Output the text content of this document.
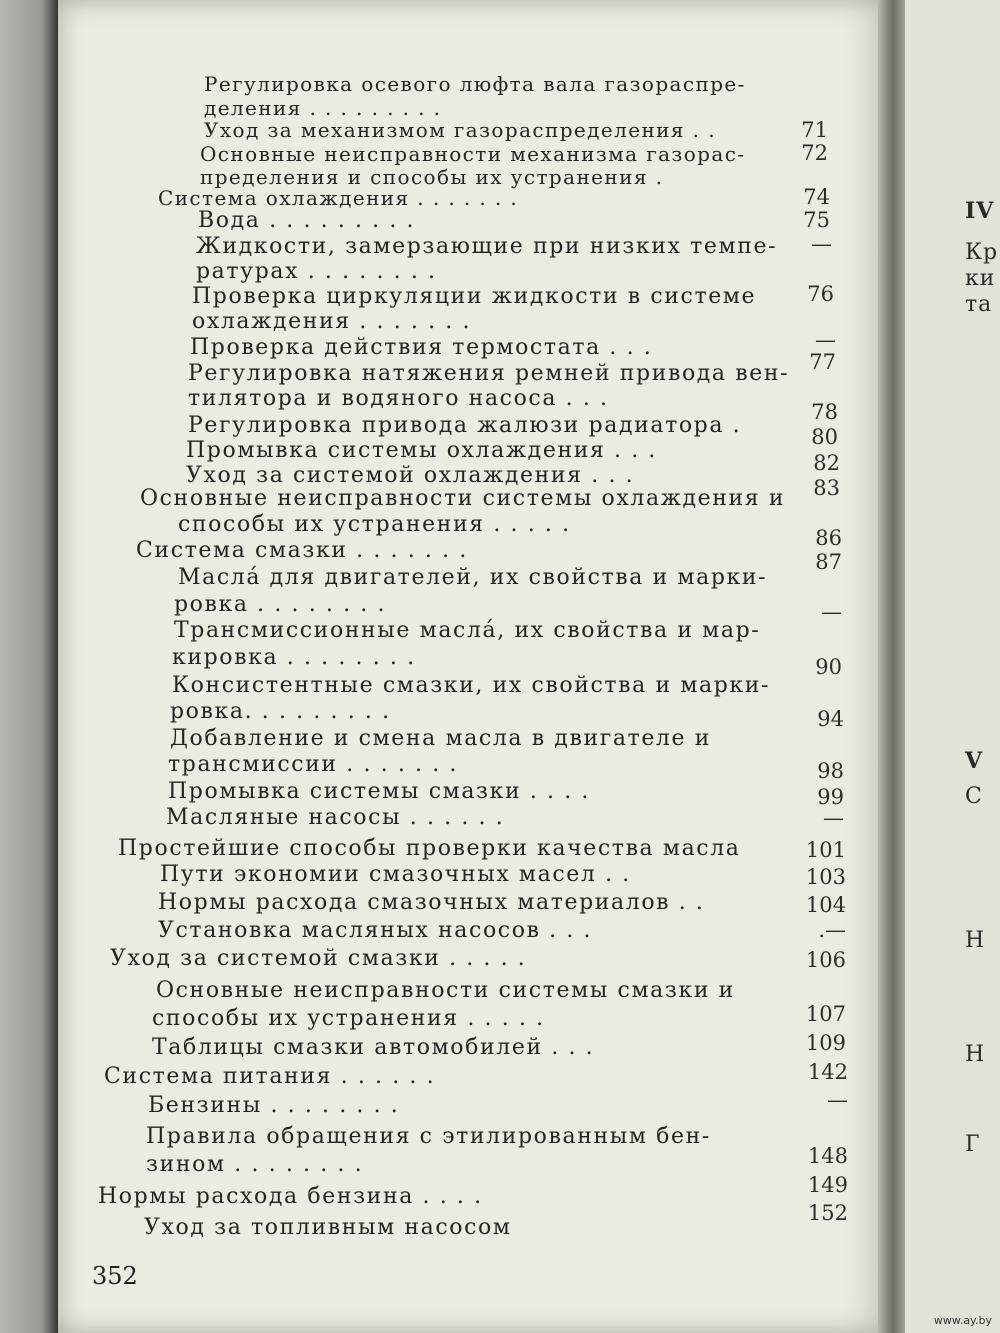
IV
Кр
ки
та
V
С
Н
Н
Г
Регулировка осевого люфта вала газораспре-
деления . . . . . . . . .
Уход за механизмом газораспределения . .
Основные неисправности механизма газорас-
пределения и способы их устранения .
Система охлаждения . . . . . . .
Вода . . . . . . . . .
Жидкости, замерзающие при низких темпе-
ратурах . . . . . . . .
Проверка циркуляции жидкости в системе
охлаждения . . . . . . .
Проверка действия термостата . . .
Регулировка натяжения ремней привода вен-
тилятора и водяного насоса . . .
Регулировка привода жалюзи радиатора .
Промывка системы охлаждения . . .
Уход за системой охлаждения . . .
Основные неисправности системы охлаждения и
способы их устранения . . . . .
Система смазки . . . . . . .
Масла́ для двигателей, их свойства и марки-
ровка . . . . . . . .
Трансмиссионные масла́, их свойства и мар-
кировка . . . . . . . .
Консистентные смазки, их свойства и марки-
ровка. . . . . . . . .
Добавление и смена масла в двигателе и
трансмиссии . . . . . . .
Промывка системы смазки . . . .
Масляные насосы . . . . . .
Простейшие способы проверки качества масла
Пути экономии смазочных масел . .
Нормы расхода смазочных материалов . .
Установка масляных насосов . . .
Уход за системой смазки . . . . .
Основные неисправности системы смазки и
способы их устранения . . . . .
Таблицы смазки автомобилей . . .
Система питания . . . . . .
Бензины . . . . . . . .
Правила обращения с этилированным бен-
зином . . . . . . . .
Нормы расхода бензина . . . .
Уход за топливным насосом
71
72
74
75
—
76
—
77
78
80
82
83
86
87
—
90
94
98
99
—
101
103
104
.—
106
107
109
142
—
148
149
152
352
www.ay.by
